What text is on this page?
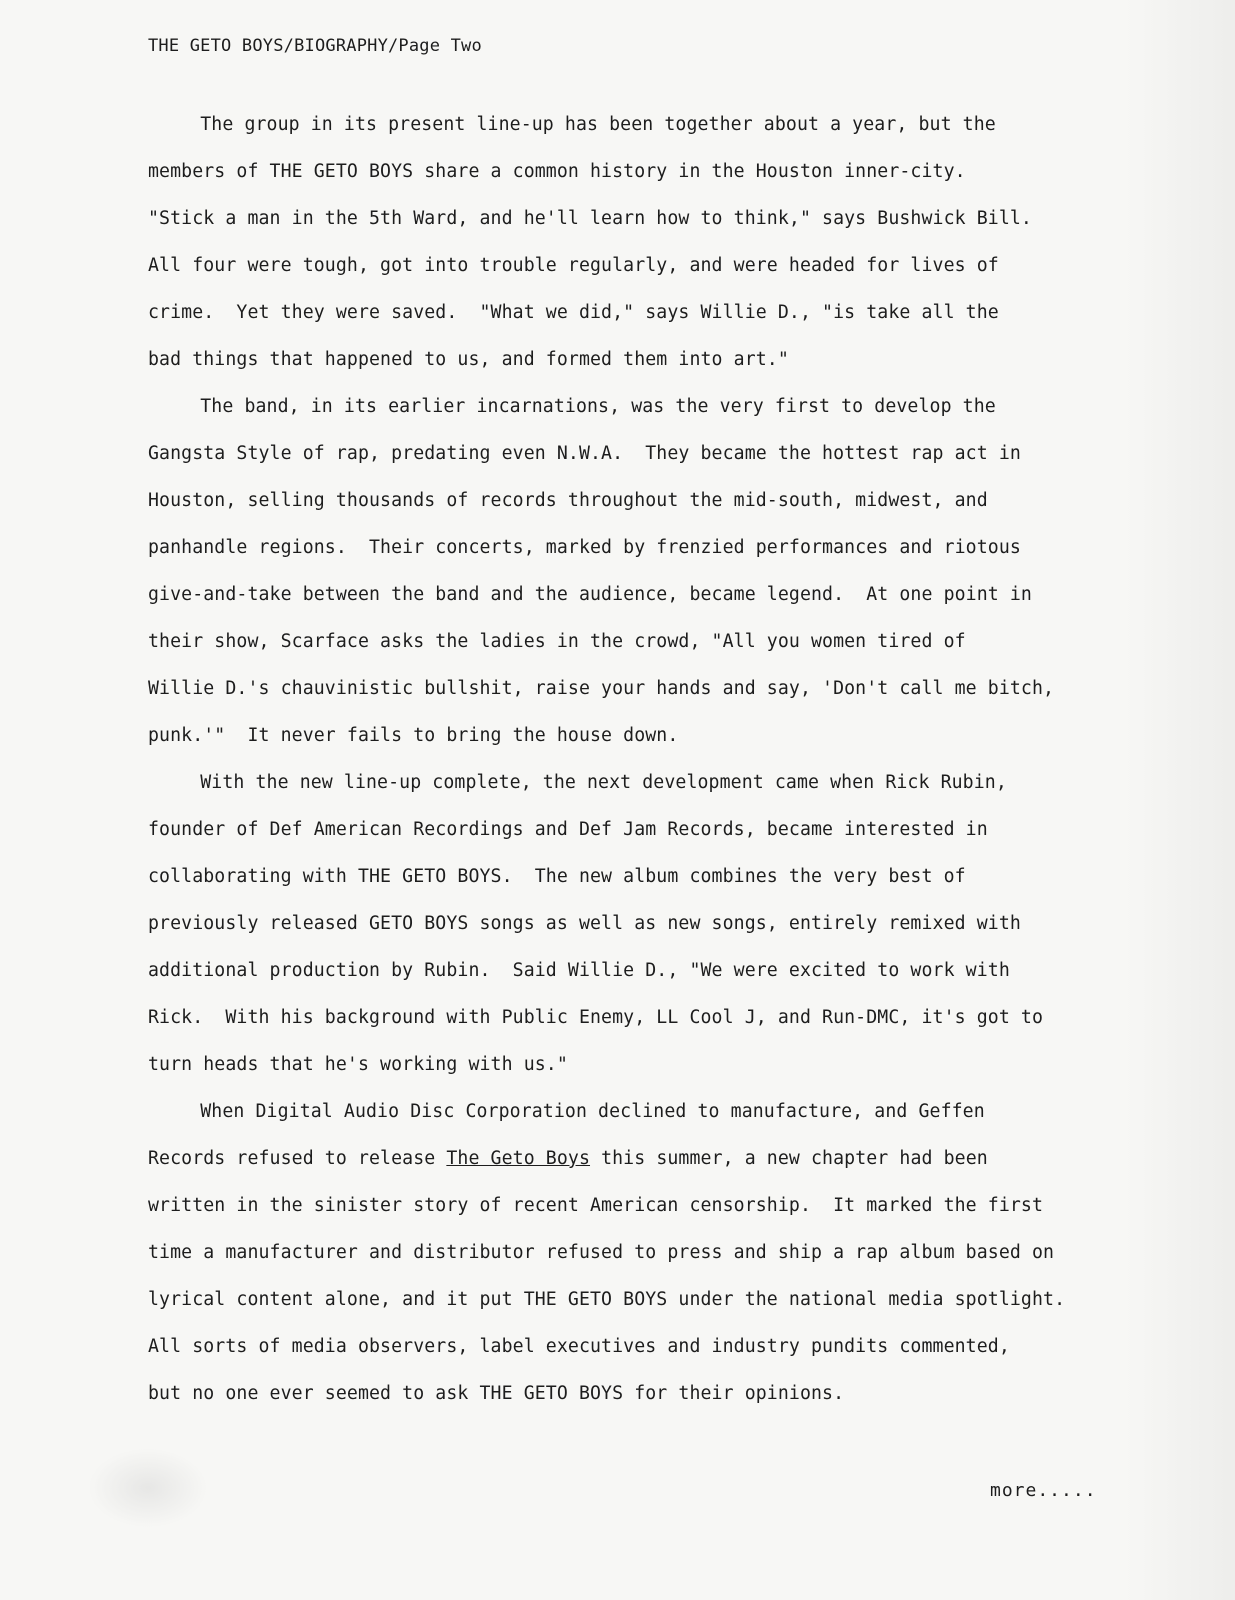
THE GETO BOYS/BIOGRAPHY/Page Two
The group in its present line-up has been together about a year, but the
members of THE GETO BOYS share a common history in the Houston inner-city.
"Stick a man in the 5th Ward, and he'll learn how to think," says Bushwick Bill.
All four were tough, got into trouble regularly, and were headed for lives of
crime.  Yet they were saved.  "What we did," says Willie D., "is take all the
bad things that happened to us, and formed them into art."
The band, in its earlier incarnations, was the very first to develop the
Gangsta Style of rap, predating even N.W.A.  They became the hottest rap act in
Houston, selling thousands of records throughout the mid-south, midwest, and
panhandle regions.  Their concerts, marked by frenzied performances and riotous
give-and-take between the band and the audience, became legend.  At one point in
their show, Scarface asks the ladies in the crowd, "All you women tired of
Willie D.'s chauvinistic bullshit, raise your hands and say, 'Don't call me bitch,
punk.'"  It never fails to bring the house down.
With the new line-up complete, the next development came when Rick Rubin,
founder of Def American Recordings and Def Jam Records, became interested in
collaborating with THE GETO BOYS.  The new album combines the very best of
previously released GETO BOYS songs as well as new songs, entirely remixed with
additional production by Rubin.  Said Willie D., "We were excited to work with
Rick.  With his background with Public Enemy, LL Cool J, and Run-DMC, it's got to
turn heads that he's working with us."
When Digital Audio Disc Corporation declined to manufacture, and Geffen
Records refused to release The Geto Boys this summer, a new chapter had been
written in the sinister story of recent American censorship.  It marked the first
time a manufacturer and distributor refused to press and ship a rap album based on
lyrical content alone, and it put THE GETO BOYS under the national media spotlight.
All sorts of media observers, label executives and industry pundits commented,
but no one ever seemed to ask THE GETO BOYS for their opinions.
more.....
